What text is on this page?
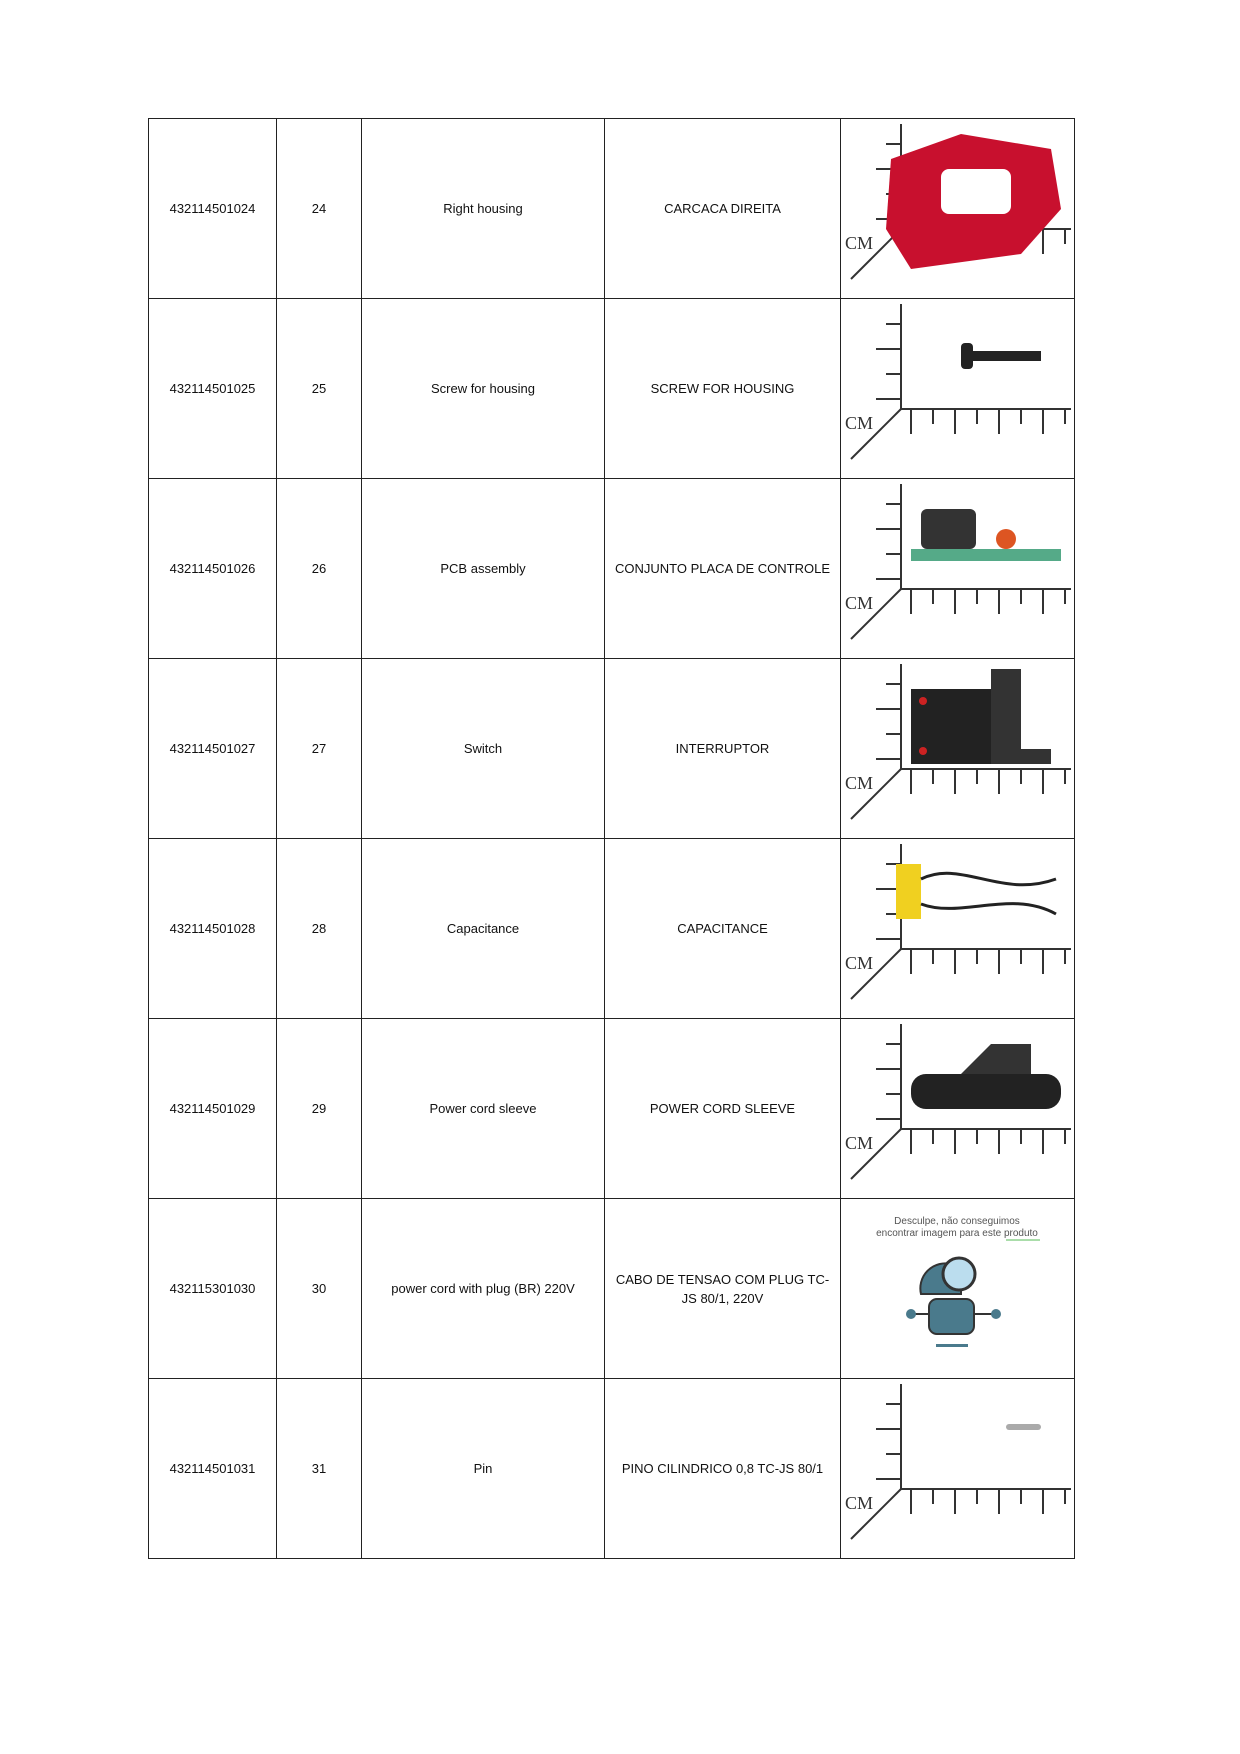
432114501024	24	Right housing	CARCACA DIREITA	CM

432114501025	25	Screw for housing	SCREW FOR HOUSING	CM

432114501026	26	PCB assembly	CONJUNTO PLACA DE CONTROLE	CM

432114501027	27	Switch	INTERRUPTOR	CM

432114501028	28	Capacitance	CAPACITANCE	CM

432114501029	29	Power cord sleeve	POWER CORD SLEEVE	CM

432115301030	30	power cord with plug (BR) 220V	CABO DE TENSAO COM PLUG TC-JS 80/1, 220V	Desculpe, não conseguimos
encontrar imagem para este produto

432114501031	31	Pin	PINO CILINDRICO 0,8 TC-JS 80/1	CM
